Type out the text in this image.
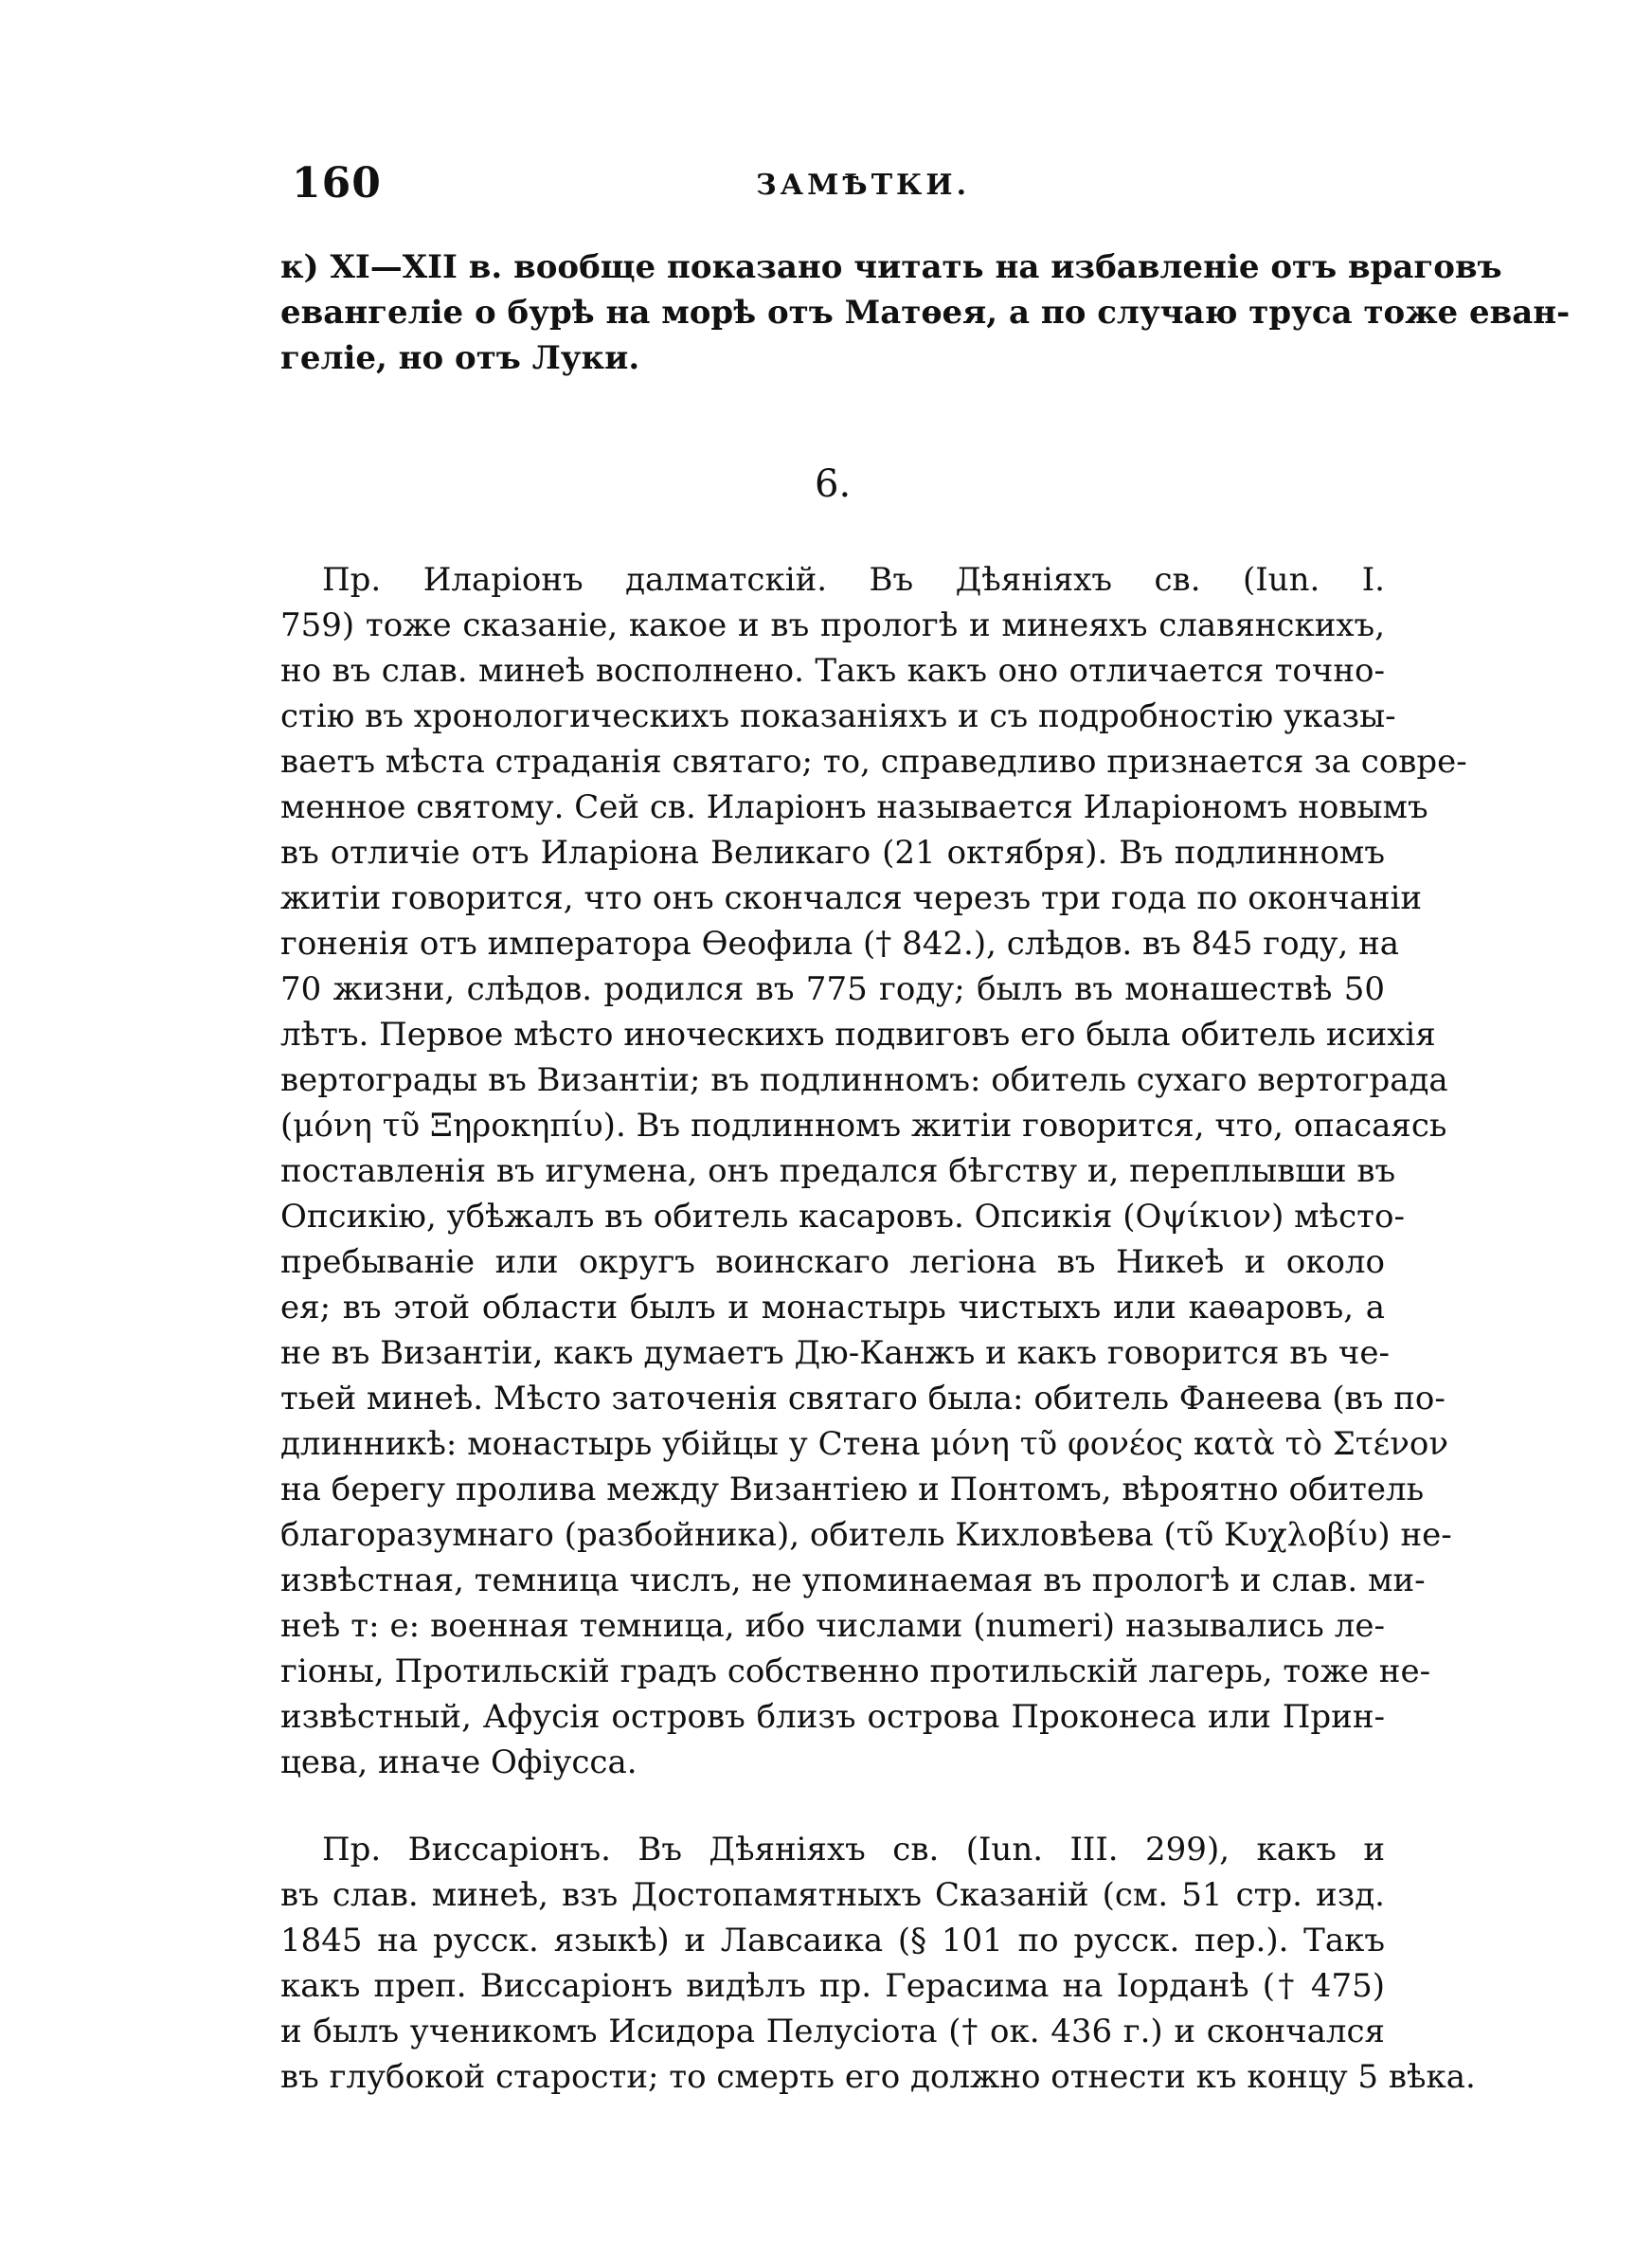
160	ЗАМѢТКИ.
к) XI—XII в. вообще показано читать на избавленіе отъ враговъ
евангеліе о бурѣ на морѣ отъ Матѳея, а по случаю труса тоже еван-
геліе, но отъ Луки.
6.
Пр. Иларіонъ далматскій. Въ Дѣяніяхъ св. (Iun. I.
759) тоже сказаніе, какое и въ прологѣ и минеяхъ славянскихъ,
но въ слав. минеѣ восполнено. Такъ какъ оно отличается точно-
стію въ хронологическихъ показаніяхъ и съ подробностію указы-
ваетъ мѣста страданія святаго; то, справедливо признается за совре-
менное святому. Сей св. Иларіонъ называется Иларіономъ новымъ
въ отличіе отъ Иларіона Великаго (21 октября). Въ подлинномъ
житіи говорится, что онъ скончался черезъ три года по окончаніи
гоненія отъ императора Ѳеофила († 842.), слѣдов. въ 845 году, на
70 жизни, слѣдов. родился въ 775 году; былъ въ монашествѣ 50
лѣтъ. Первое мѣсто иноческихъ подвиговъ его была обитель исихія
вертограды въ Византіи; въ подлинномъ: обитель сухаго вертограда
(μόνη τῦ Ξηροκηπίυ). Въ подлинномъ житіи говорится, что, опасаясь
поставленія въ игумена, онъ предался бѣгству и, переплывши въ
Опсикію, убѣжалъ въ обитель касаровъ. Опсикія (Οψίκιον) мѣсто-
пребываніе или округъ воинскаго легіона въ Никеѣ и около
ея; въ этой области былъ и монастырь чистыхъ или каѳаровъ, а
не въ Византіи, какъ думаетъ Дю-Канжъ и какъ говорится въ че-
тьей минеѣ. Мѣсто заточенія святаго была: обитель Фанеева (въ по-
длинникѣ: монастырь убійцы у Стена μόνη τῦ φονέος κατὰ τὸ Στένον
на берегу пролива между Византіею и Понтомъ, вѣроятно обитель
благоразумнаго (разбойника), обитель Кихловѣева (τῦ Κυχλοβίυ) не-
извѣстная, темница числъ, не упоминаемая въ прологѣ и слав. ми-
неѣ т: е: военная темница, ибо числами (numeri) назывались ле-
гіоны, Протильскій градъ собственно протильскій лагерь, тоже не-
извѣстный, Афусія островъ близъ острова Проконеса или Прин-
цева, иначе Офіусса.
Пр. Виссаріонъ. Въ Дѣяніяхъ св. (Iun. III. 299), какъ и
въ слав. минеѣ, взъ Достопамятныхъ Сказаній (см. 51 стр. изд.
1845 на русск. языкѣ) и Лавсаика (§ 101 по русск. пер.). Такъ
какъ преп. Виссаріонъ видѣлъ пр. Герасима на Іорданѣ († 475)
и былъ ученикомъ Исидора Пелусіота († ок. 436 г.) и скончался
въ глубокой старости; то смерть его должно отнести къ концу 5 вѣка.
